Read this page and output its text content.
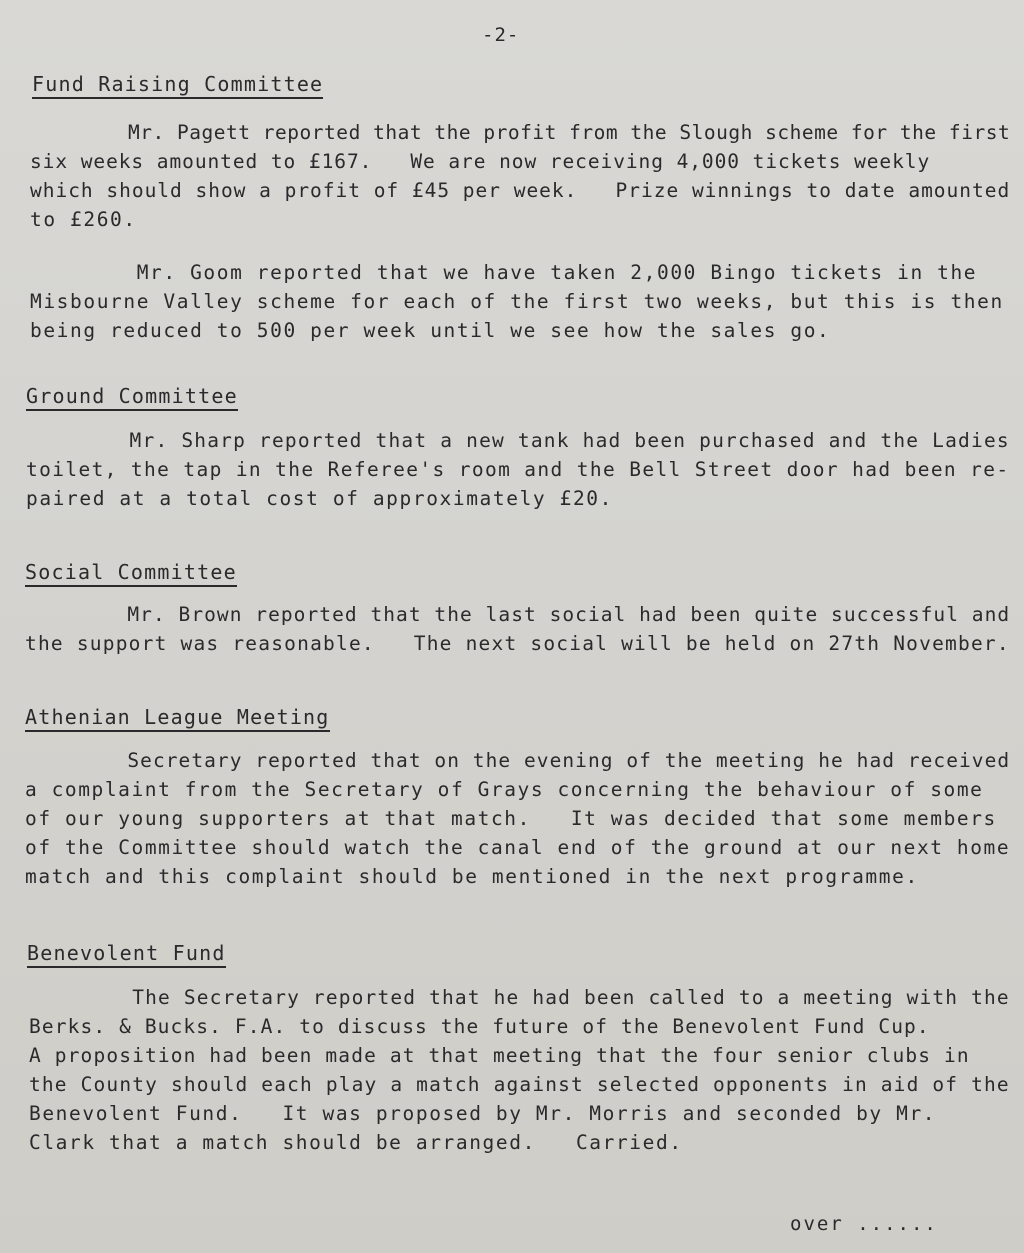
-2-
Fund Raising Committee
Mr. Pagett reported that the profit from the Slough scheme for the first
six weeks amounted to £167.   We are now receiving 4,000 tickets weekly
which should show a profit of £45 per week.   Prize winnings to date amounted
to £260.
Mr. Goom reported that we have taken 2,000 Bingo tickets in the
Misbourne Valley scheme for each of the first two weeks, but this is then
being reduced to 500 per week until we see how the sales go.
Ground Committee
Mr. Sharp reported that a new tank had been purchased and the Ladies
toilet, the tap in the Referee's room and the Bell Street door had been re-
paired at a total cost of approximately £20.
Social Committee
Mr. Brown reported that the last social had been quite successful and
the support was reasonable.   The next social will be held on 27th November.
Athenian League Meeting
Secretary reported that on the evening of the meeting he had received
a complaint from the Secretary of Grays concerning the behaviour of some
of our young supporters at that match.   It was decided that some members
of the Committee should watch the canal end of the ground at our next home
match and this complaint should be mentioned in the next programme.
Benevolent Fund
The Secretary reported that he had been called to a meeting with the
Berks. & Bucks. F.A. to discuss the future of the Benevolent Fund Cup.
A proposition had been made at that meeting that the four senior clubs in
the County should each play a match against selected opponents in aid of the
Benevolent Fund.   It was proposed by Mr. Morris and seconded by Mr.
Clark that a match should be arranged.   Carried.
over ......
